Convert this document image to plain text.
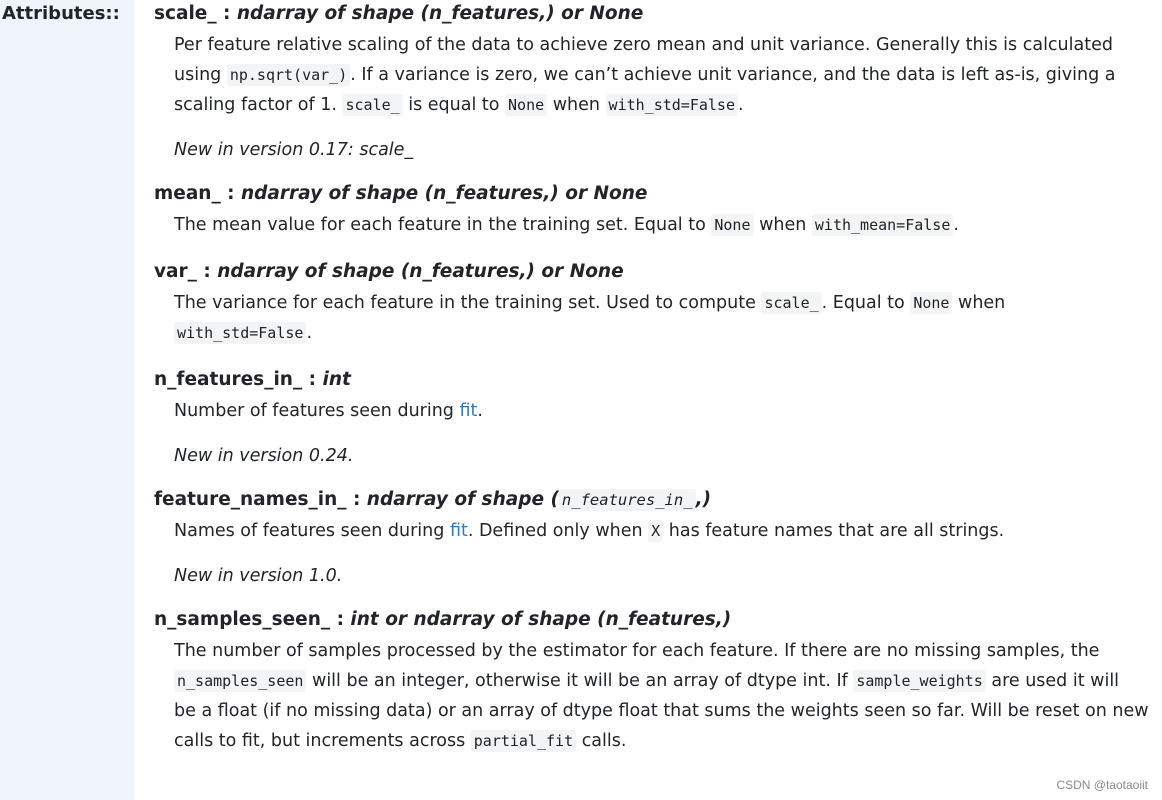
Attributes::	scale_ : ndarray of shape (n_features,) or None
Per feature relative scaling of the data to achieve zero mean and unit variance. Generally this is calculated
using np.sqrt(var_) . If a variance is zero, we can’t achieve unit variance, and the data is left as-is, giving a
scaling factor of 1. scale_ is equal to None when with_std=False .
New in version 0.17: scale_
mean_ : ndarray of shape (n_features,) or None
The mean value for each feature in the training set. Equal to None when with_mean=False .
var_ : ndarray of shape (n_features,) or None
The variance for each feature in the training set. Used to compute scale_ . Equal to None when
with_std=False .
n_features_in_ : int
Number of features seen during fit.
New in version 0.24.
feature_names_in_ : ndarray of shape ( n_features_in_ ,)
Names of features seen during fit. Defined only when X has feature names that are all strings.
New in version 1.0.
n_samples_seen_ : int or ndarray of shape (n_features,)
The number of samples processed by the estimator for each feature. If there are no missing samples, the
n_samples_seen will be an integer, otherwise it will be an array of dtype int. If sample_weights are used it will
be a float (if no missing data) or an array of dtype float that sums the weights seen so far. Will be reset on new
calls to fit, but increments across partial_fit calls.
CSDN @taotaoiit
